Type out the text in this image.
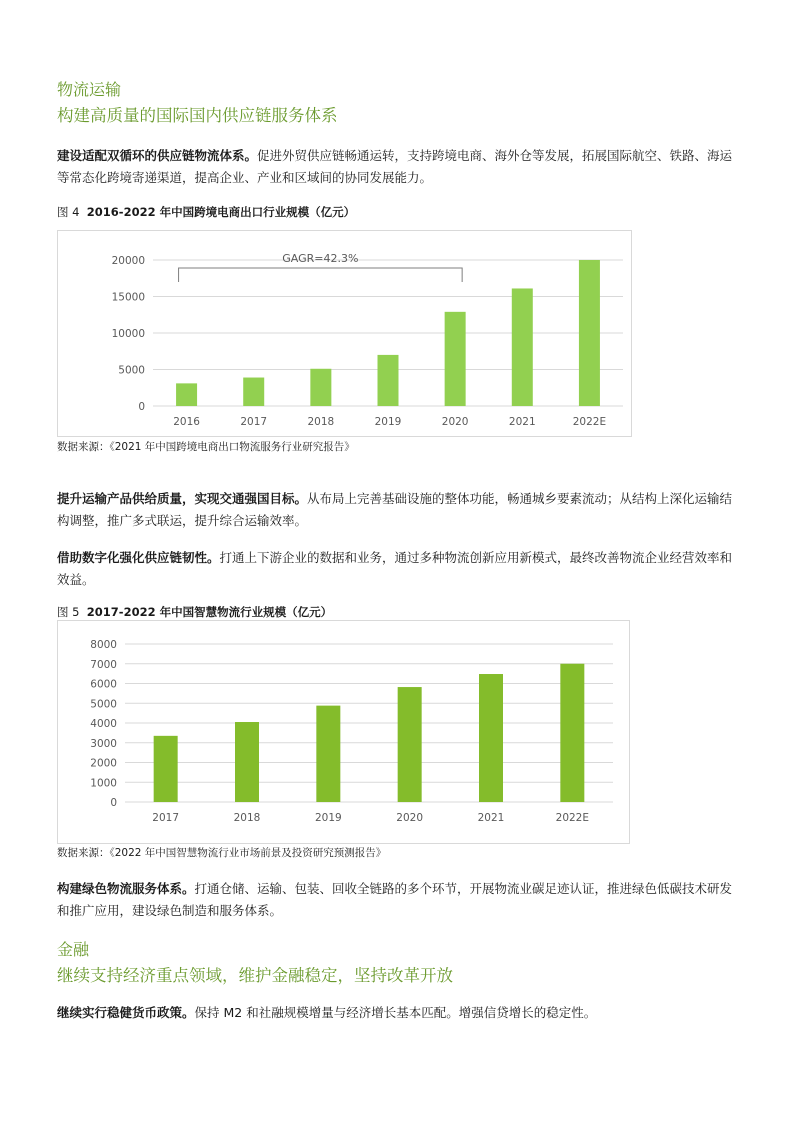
物流运输
构建高质量的国际国内供应链服务体系
建设适配双循环的供应链物流体系。促进外贸供应链畅通运转，支持跨境电商、海外仓等发展，拓展国际航空、铁路、海运等常态化跨境寄递渠道，提高企业、产业和区域间的协同发展能力。
图 4 2016-2022 年中国跨境电商出口行业规模（亿元）
0
5000
10000
15000
20000
2016	2017	2018	2019	2020	2021	2022E
GAGR=42.3%
数据来源：《2021 年中国跨境电商出口物流服务行业研究报告》
提升运输产品供给质量，实现交通强国目标。从布局上完善基础设施的整体功能，畅通城乡要素流动；从结构上深化运输结构调整，推广多式联运，提升综合运输效率。
借助数字化强化供应链韧性。打通上下游企业的数据和业务，通过多种物流创新应用新模式，最终改善物流企业经营效率和效益。
图 5 2017-2022 年中国智慧物流行业规模（亿元）
0
1000
2000
3000
4000
5000
6000
7000
8000
2017	2018	2019	2020	2021	2022E
数据来源：《2022 年中国智慧物流行业市场前景及投资研究预测报告》
构建绿色物流服务体系。打通仓储、运输、包装、回收全链路的多个环节，开展物流业碳足迹认证，推进绿色低碳技术研发和推广应用，建设绿色制造和服务体系。
金融
继续支持经济重点领域，维护金融稳定，坚持改革开放
继续实行稳健货币政策。保持 M2 和社融规模增量与经济增长基本匹配。增强信贷增长的稳定性。
